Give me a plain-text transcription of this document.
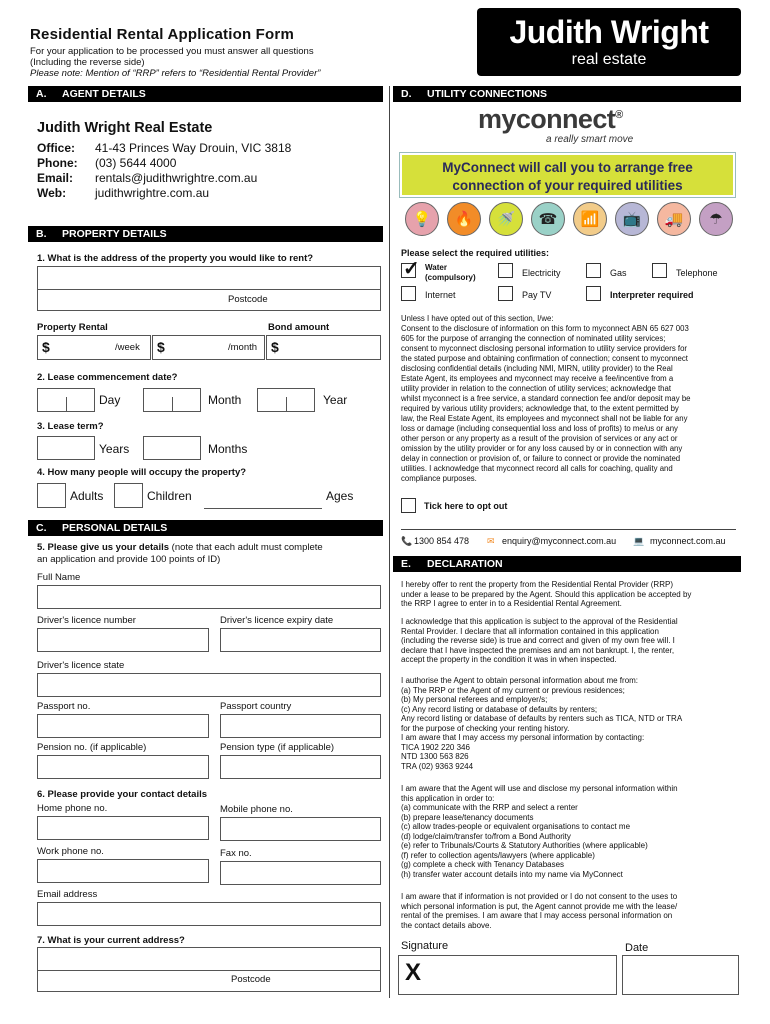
Residential Rental Application Form
For your application to be processed you must answer all questions
(Including the reverse side)
Please note: Mention of “RRP” refers to “Residential Rental Provider”
Judith Wright
real estate
A. AGENT DETAILS
Judith Wright Real Estate
Office: 41-43 Princes Way Drouin, VIC 3818
Phone: (03) 5644 4000
Email: rentals@judithwrightre.com.au
Web: judithwrightre.com.au
B. PROPERTY DETAILS
1. What is the address of the property you would like to rent?
Postcode
Property Rental	Bond amount
$	/week $	/month $
2. Lease commencement date?
Day	Month	Year
3. Lease term?
Years	Months
4. How many people will occupy the property?
Adults	Children	Ages
C. PERSONAL DETAILS
5. Please give us your details (note that each adult must complete
an application and provide 100 points of ID)
Full Name
Driver's licence number	Driver's licence expiry date
Driver's licence state
Passport no.	Passport country
Pension no. (if applicable)	Pension type (if applicable)
6. Please provide your contact details
Home phone no.	Mobile phone no.
Work phone no.	Fax no.
Email address
7. What is your current address?
Postcode
D. UTILITY CONNECTIONS
myconnect®
a really smart move
MyConnect will call you to arrange free
connection of your required utilities
💡	🔥	🚿	☎	📶	📺	🚚	☂
Please select the required utilities:
✓ Water
(compulsory)	Electricity	Gas	Telephone
Internet	Pay TV	Interpreter required
Unless I have opted out of this section, I/we:
Consent to the disclosure of information on this form to myconnect ABN 65 627 003
605 for the purpose of arranging the connection of nominated utility services;
consent to myconnect disclosing personal information to utility service providers for
the stated purpose and obtaining confirmation of connection; consent to myconnect
disclosing confidential details (including NMI, MIRN, utility provider) to the Real
Estate Agent, its employees and myconnect may receive a fee/incentive from a
utility provider in relation to the connection of utility services; acknowledge that
whilst myconnect is a free service, a standard connection fee and/or deposit may be
required by various utility providers; acknowledge that, to the extent permitted by
law, the Real Estate Agent, its employees and myconnect shall not be liable for any
loss or damage (including consequential loss and loss of profits) to me/us or any
other person or any property as a result of the provision of services or any act or
omission by the utility provider or for any loss caused by or in connection with any
delay in connection or provision of, or failure to connect or provide the nominated
utilities. I acknowledge that myconnect record all calls for coaching, quality and
compliance purposes.
Tick here to opt out
📞 1300 854 478 ✉ enquiry@myconnect.com.au 💻 myconnect.com.au
E. DECLARATION
I hereby offer to rent the property from the Residential Rental Provider (RRP)
under a lease to be prepared by the Agent. Should this application be accepted by
the RRP I agree to enter in to a Residential Rental Agreement.
I acknowledge that this application is subject to the approval of the Residential
Rental Provider. I declare that all information contained in this application
(including the reverse side) is true and correct and given of my own free will. I
declare that I have inspected the premises and am not bankrupt. I, the renter,
accept the property in the condition it was in when inspected.
I authorise the Agent to obtain personal information about me from:
(a) The RRP or the Agent of my current or previous residences;
(b) My personal referees and employer/s;
(c) Any record listing or database of defaults by renters;
Any record listing or database of defaults by renters such as TICA, NTD or TRA
for the purpose of checking your renting history.
I am aware that I may access my personal information by contacting:
TICA 1902 220 346
NTD 1300 563 826
TRA (02) 9363 9244
I am aware that the Agent will use and disclose my personal information within
this application in order to:
(a) communicate with the RRP and select a renter
(b) prepare lease/tenancy documents
(c) allow trades-people or equivalent organisations to contact me
(d) lodge/claim/transfer to/from a Bond Authority
(e) refer to Tribunals/Courts & Statutory Authorities (where applicable)
(f) refer to collection agents/lawyers (where applicable)
(g) complete a check with Tenancy Databases
(h) transfer water account details into my name via MyConnect
I am aware that if information is not provided or I do not consent to the uses to
which personal information is put, the Agent cannot provide me with the lease/
rental of the premises. I am aware that I may access personal information on
the contact details above.
Signature	Date
X
